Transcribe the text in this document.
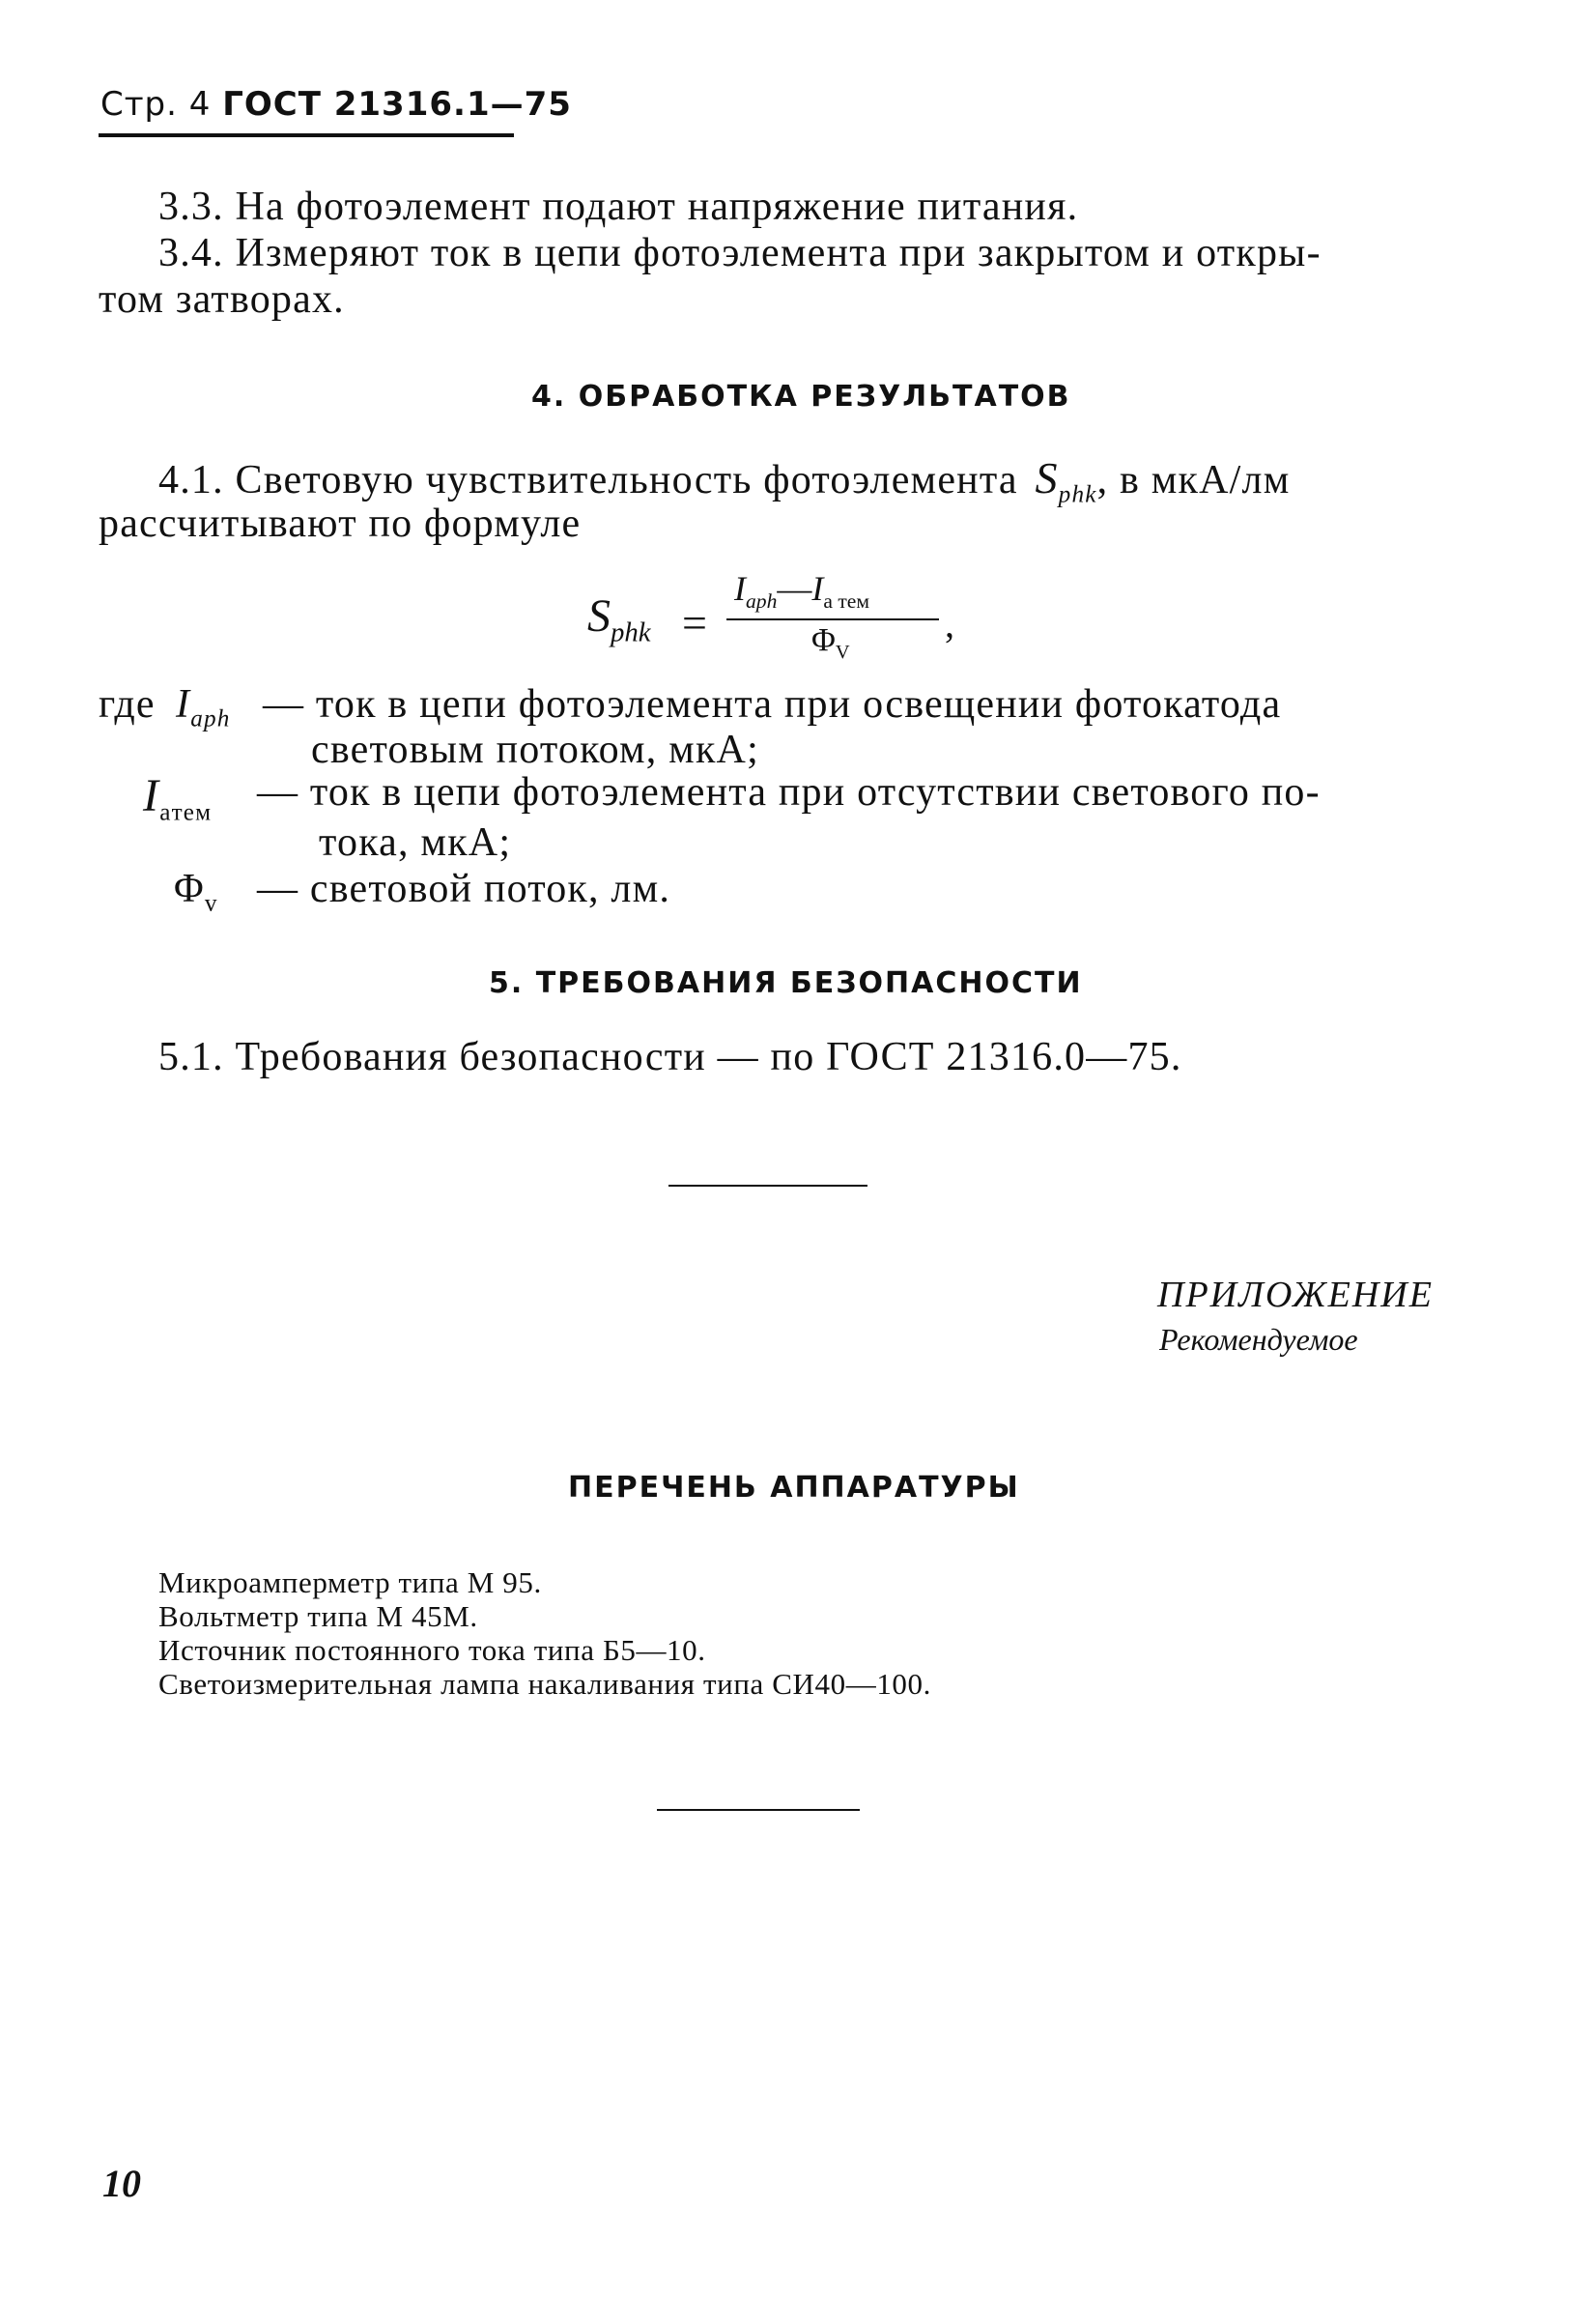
Стр. 4 ГОСТ 21316.1—75
3.3. На фотоэлемент подают напряжение питания.
3.4. Измеряют ток в цепи фотоэлемента при закрытом и откры-
том затворах.
4. ОБРАБОТКА РЕЗУЛЬТАТОВ
4.1. Световую чувствительность фотоэлемента $S_{phk}$, в мкА/лм
рассчитывают по формуле
$S_{phk}$ =
$I_{aph}—I_{a тем}$
$\Phi_V$
,
где $I_{aph}$ — ток в цепи фотоэлемента при освещении фотокатода
световым потоком, мкА;
$I_{aтем}$ — ток в цепи фотоэлемента при отсутствии светового по-
тока, мкА;
$\Phi_v$ — световой поток, лм.
5. ТРЕБОВАНИЯ БЕЗОПАСНОСТИ
5.1. Требования безопасности — по ГОСТ 21316.0—75.
ПРИЛОЖЕНИЕ
Рекомендуемое
ПЕРЕЧЕНЬ АППАРАТУРЫ
Микроамперметр типа М 95.
Вольтметр типа М 45М.
Источник постоянного тока типа Б5—10.
Светоизмерительная лампа накаливания типа СИ40—100.
10
